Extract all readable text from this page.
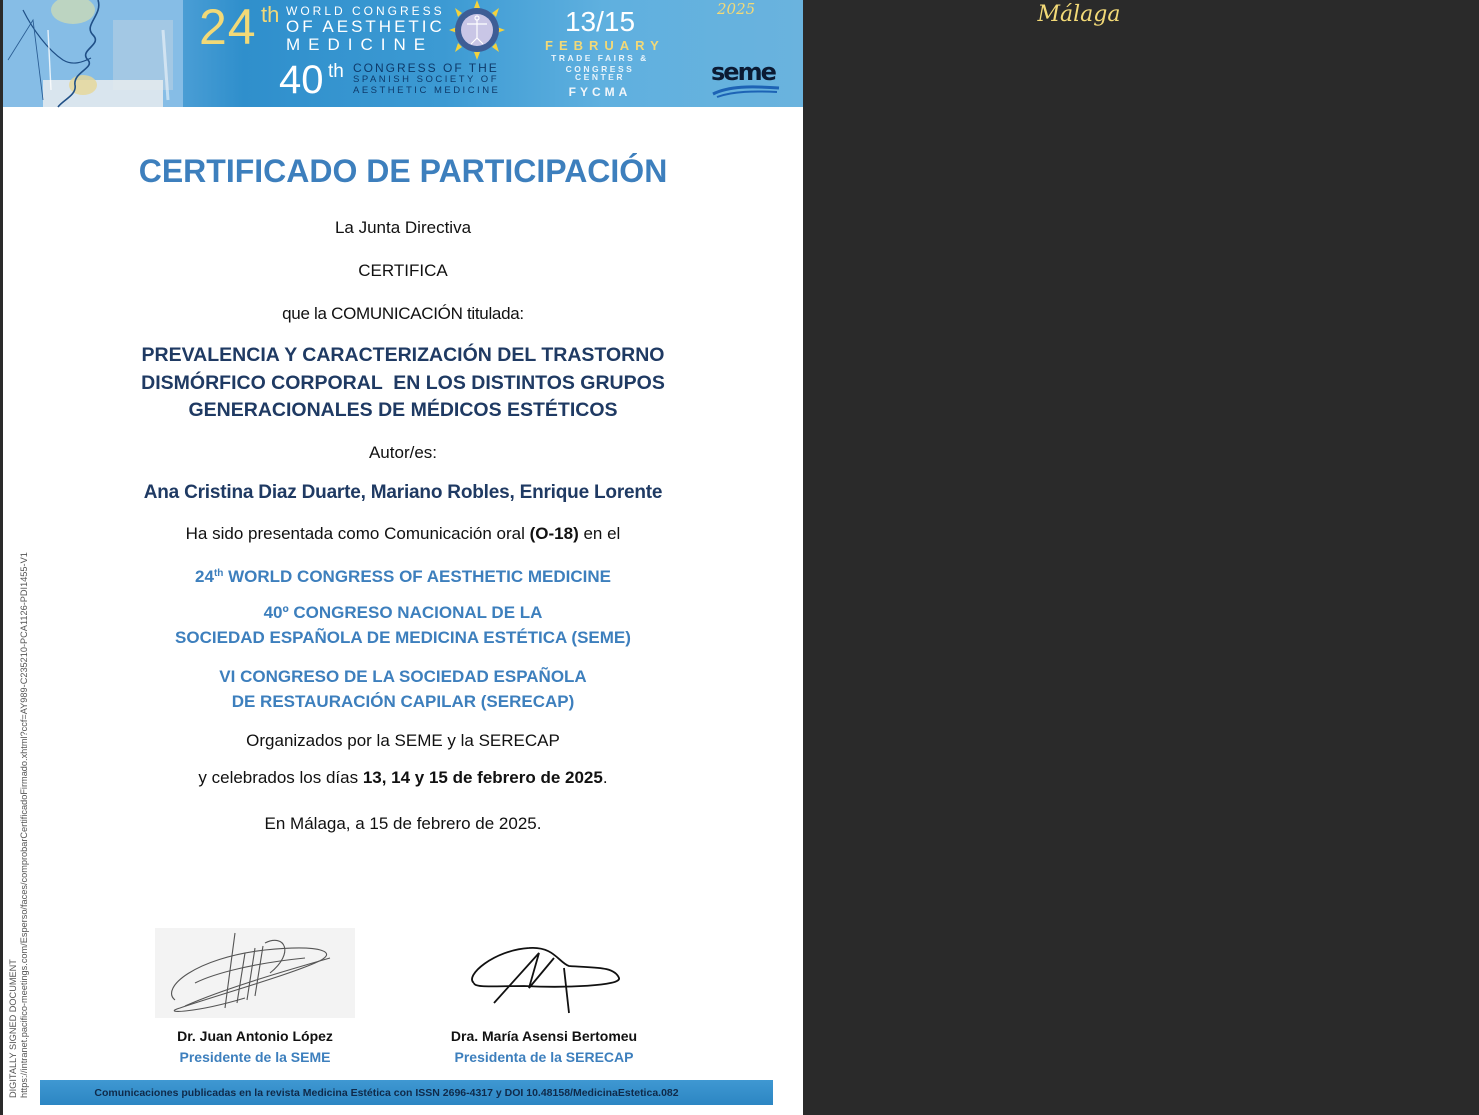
24 th WORLD CONGRESS
OF AESTHETIC
MEDICINE
40 th CONGRESS OF THE
SPANISH SOCIETY OF
AESTHETIC MEDICINE
13/15
FEBRUARY
TRADE FAIRS &
CONGRESS CENTER
FYCMA
Málaga
2025
seme
CERTIFICADO DE PARTICIPACIÓN
La Junta Directiva
CERTIFICA
que la COMUNICACIÓN titulada:
PREVALENCIA Y CARACTERIZACIÓN DEL TRASTORNO
DISMÓRFICO CORPORAL  EN LOS DISTINTOS GRUPOS
GENERACIONALES DE MÉDICOS ESTÉTICOS
Autor/es:
Ana Cristina Diaz Duarte, Mariano Robles, Enrique Lorente
Ha sido presentada como Comunicación oral (O-18) en el
24th WORLD CONGRESS OF AESTHETIC MEDICINE
40º CONGRESO NACIONAL DE LA
SOCIEDAD ESPAÑOLA DE MEDICINA ESTÉTICA (SEME)
VI CONGRESO DE LA SOCIEDAD ESPAÑOLA
DE RESTAURACIÓN CAPILAR (SERECAP)
Organizados por la SEME y la SERECAP
y celebrados los días 13, 14 y 15 de febrero de 2025.
En Málaga, a 15 de febrero de 2025.
Dr. Juan Antonio López
Presidente de la SEME
Dra. María Asensi Bertomeu
Presidenta de la SERECAP
Comunicaciones publicadas en la revista Medicina Estética con ISSN 2696-4317 y DOI 10.48158/MedicinaEstetica.082
DIGITALLY SIGNED DOCUMENT https://intranet.pacifico-meetings.com/Esperso/faces/comprobarCertificadoFirmado.xhtml?ccf=AY989-C235210-PCA1126-PDI1455-V1
